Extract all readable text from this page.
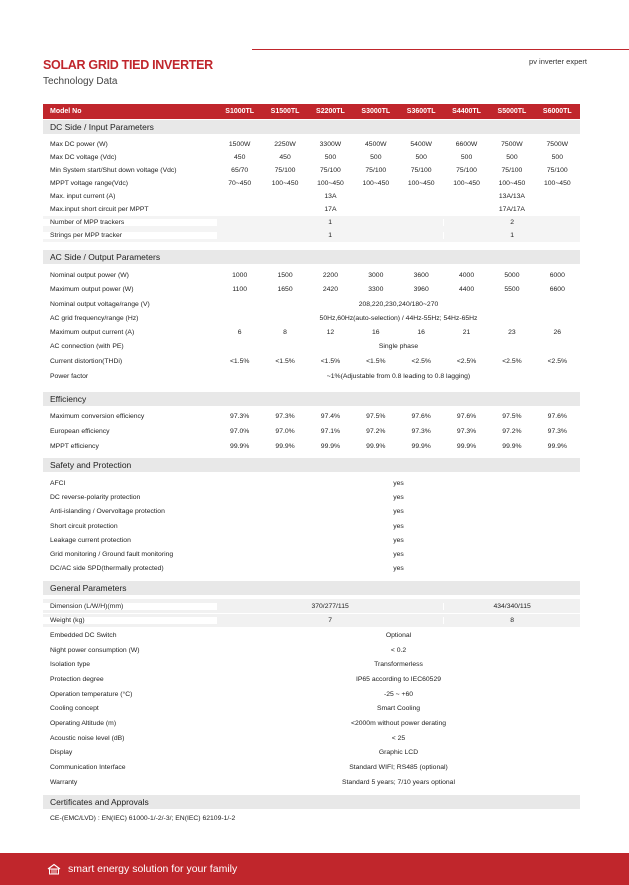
pv inverter expert
SOLAR GRID TIED INVERTER
Technology Data
Model No	S1000TL	S1500TL	S2200TL	S3000TL	S3600TL	S4400TL	S5000TL	S6000TL
DC Side / Input Parameters
Max DC power (W)	1500W	2250W	3300W	4500W	5400W	6600W	7500W	7500W
Max DC voltage (Vdc)	450	450	500	500	500	500	500	500
Min System start/Shut down voltage (Vdc)	65/70	75/100	75/100	75/100	75/100	75/100	75/100	75/100
MPPT voltage range(Vdc)	70~450	100~450	100~450	100~450	100~450	100~450	100~450	100~450
Max. input current (A)	13A	13A/13A
Max.input short circuit per MPPT	17A	17A/17A
Number of MPP trackers	1	2
Strings per MPP tracker	1	1
AC Side / Output Parameters
Nominal output power (W)	1000	1500	2200	3000	3600	4000	5000	6000
Maximum output power (W)	1100	1650	2420	3300	3960	4400	5500	6600
Nominal output voltage/range (V)	208,220,230,240/180~270
AC grid frequency/range (Hz)	50Hz,60Hz(auto-selection) / 44Hz-55Hz; 54Hz-65Hz
Maximum output current (A)	6	8	12	16	16	21	23	26
AC connection (with PE)	Single phase
Current distortion(THDi)	<1.5%	<1.5%	<1.5%	<1.5%	<2.5%	<2.5%	<2.5%	<2.5%
Power factor	~1%(Adjustable from 0.8 leading to 0.8 lagging)
Efficiency
Maximum conversion efficiency	97.3%	97.3%	97.4%	97.5%	97.6%	97.6%	97.5%	97.6%
European efficiency	97.0%	97.0%	97.1%	97.2%	97.3%	97.3%	97.2%	97.3%
MPPT efficiency	99.9%	99.9%	99.9%	99.9%	99.9%	99.9%	99.9%	99.9%
Safety and Protection
AFCI	yes
DC reverse-polarity protection	yes
Anti-islanding / Overvoltage protection	yes
Short circuit protection	yes
Leakage current protection	yes
Grid monitoring / Ground fault monitoring	yes
DC/AC side SPD(thermally protected)	yes
General Parameters
Dimension (L/W/H)(mm)	370/277/115	434/340/115
Weight (kg)	7	8
Embedded DC Switch	Optional
Night power consumption (W)	< 0.2
Isolation type	Transformerless
Protection degree	IP65 according to IEC60529
Operation temperature (°C)	-25 ~ +60
Cooling concept	Smart Cooling
Operating Altitude (m)	<2000m without power derating
Acoustic noise level (dB)	< 25
Display	Graphic LCD
Communication Interface	Standard WIFI; RS485 (optional)
Warranty	Standard 5 years; 7/10 years optional
Certificates and Approvals
CE-(EMC/LVD) : EN(IEC) 61000-1/-2/-3/; EN(IEC) 62109-1/-2
smart energy solution for your family
